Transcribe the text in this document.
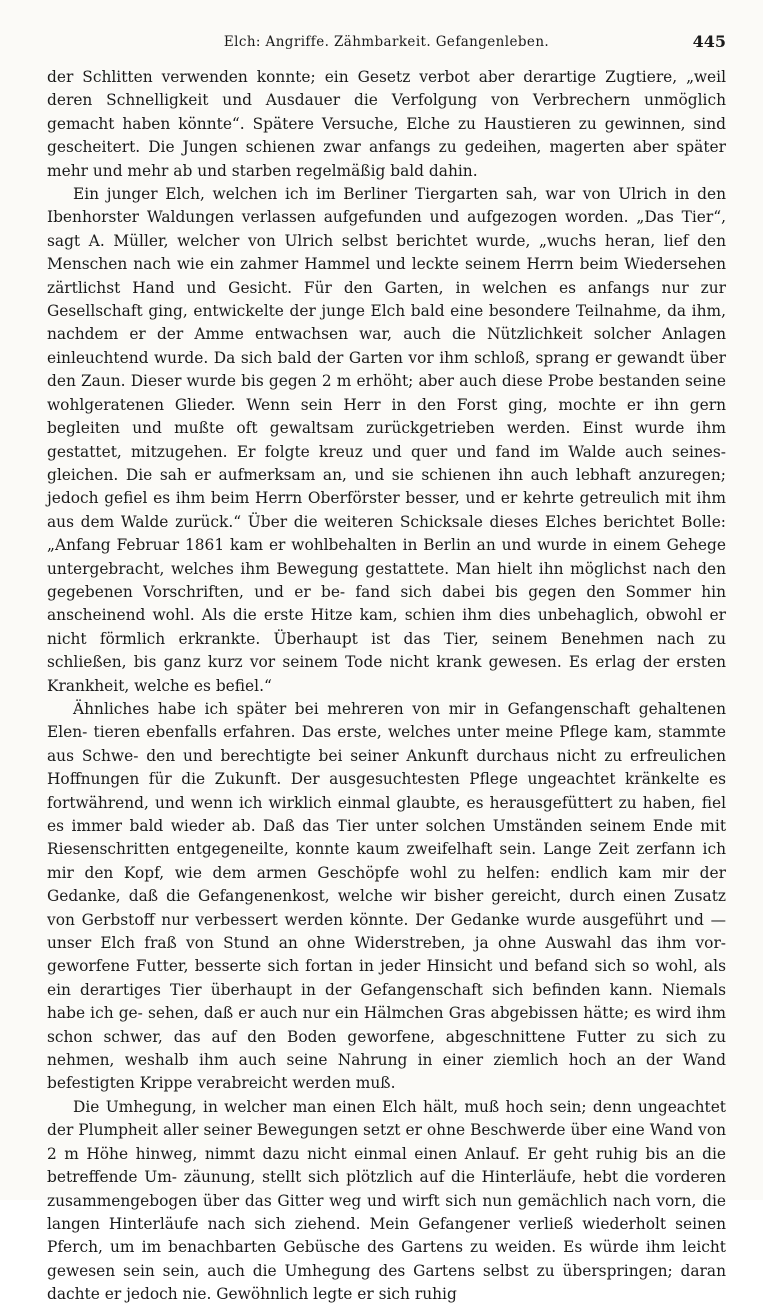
Elch: Angriffe. Zähmbarkeit. Gefangenleben.	445

der Schlitten verwenden konnte; ein Gesetz verbot aber derartige Zugtiere, „weil deren Schnelligkeit und Ausdauer die Verfolgung von Verbrechern unmöglich gemacht haben könnte“. Spätere Versuche, Elche zu Haustieren zu gewinnen, sind gescheitert. Die Jungen schienen zwar anfangs zu gedeihen, magerten aber später mehr und mehr ab und starben regelmäßig bald dahin.

Ein junger Elch, welchen ich im Berliner Tiergarten sah, war von Ulrich in den Ibenhorster Waldungen verlassen aufgefunden und aufgezogen worden. „Das Tier“, sagt A. Müller, welcher von Ulrich selbst berichtet wurde, „wuchs heran, lief den Menschen nach wie ein zahmer Hammel und leckte seinem Herrn beim Wiedersehen zärtlichst Hand und Gesicht. Für den Garten, in welchen es anfangs nur zur Gesellschaft ging, entwickelte der junge Elch bald eine besondere Teilnahme, da ihm, nachdem er der Amme entwachsen war, auch die Nützlichkeit solcher Anlagen einleuchtend wurde. Da sich bald der Garten vor ihm schloß, sprang er gewandt über den Zaun. Dieser wurde bis gegen 2 m erhöht; aber auch diese Probe bestanden seine wohlgeratenen Glieder. Wenn sein Herr in den Forst ging, mochte er ihn gern begleiten und mußte oft gewaltsam zurückgetrieben werden. Einst wurde ihm gestattet, mitzugehen. Er folgte kreuz und quer und fand im Walde auch seines- gleichen. Die sah er aufmerksam an, und sie schienen ihn auch lebhaft anzuregen; jedoch gefiel es ihm beim Herrn Oberförster besser, und er kehrte getreulich mit ihm aus dem Walde zurück.“ Über die weiteren Schicksale dieses Elches berichtet Bolle: „Anfang Februar 1861 kam er wohlbehalten in Berlin an und wurde in einem Gehege untergebracht, welches ihm Bewegung gestattete. Man hielt ihn möglichst nach den gegebenen Vorschriften, und er be- fand sich dabei bis gegen den Sommer hin anscheinend wohl. Als die erste Hitze kam, schien ihm dies unbehaglich, obwohl er nicht förmlich erkrankte. Überhaupt ist das Tier, seinem Benehmen nach zu schließen, bis ganz kurz vor seinem Tode nicht krank gewesen. Es erlag der ersten Krankheit, welche es befiel.“

Ähnliches habe ich später bei mehreren von mir in Gefangenschaft gehaltenen Elen- tieren ebenfalls erfahren. Das erste, welches unter meine Pflege kam, stammte aus Schwe- den und berechtigte bei seiner Ankunft durchaus nicht zu erfreulichen Hoffnungen für die Zukunft. Der ausgesuchtesten Pflege ungeachtet kränkelte es fortwährend, und wenn ich wirklich einmal glaubte, es herausgefüttert zu haben, fiel es immer bald wieder ab. Daß das Tier unter solchen Umständen seinem Ende mit Riesenschritten entgegeneilte, konnte kaum zweifelhaft sein. Lange Zeit zerfann ich mir den Kopf, wie dem armen Geschöpfe wohl zu helfen: endlich kam mir der Gedanke, daß die Gefangenenkost, welche wir bisher gereicht, durch einen Zusatz von Gerbstoff nur verbessert werden könnte. Der Gedanke wurde ausgeführt und — unser Elch fraß von Stund an ohne Widerstreben, ja ohne Auswahl das ihm vor- geworfene Futter, besserte sich fortan in jeder Hinsicht und befand sich so wohl, als ein derartiges Tier überhaupt in der Gefangenschaft sich befinden kann. Niemals habe ich ge- sehen, daß er auch nur ein Hälmchen Gras abgebissen hätte; es wird ihm schon schwer, das auf den Boden geworfene, abgeschnittene Futter zu sich zu nehmen, weshalb ihm auch seine Nahrung in einer ziemlich hoch an der Wand befestigten Krippe verabreicht werden muß.

Die Umhegung, in welcher man einen Elch hält, muß hoch sein; denn ungeachtet der Plumpheit aller seiner Bewegungen setzt er ohne Beschwerde über eine Wand von 2 m Höhe hinweg, nimmt dazu nicht einmal einen Anlauf. Er geht ruhig bis an die betreffende Um- zäunung, stellt sich plötzlich auf die Hinterläufe, hebt die vorderen zusammengebogen über das Gitter weg und wirft sich nun gemächlich nach vorn, die langen Hinterläufe nach sich ziehend. Mein Gefangener verließ wiederholt seinen Pferch, um im benachbarten Gebüsche des Gartens zu weiden. Es würde ihm leicht gewesen sein sein, auch die Umhegung des Gartens selbst zu überspringen; daran dachte er jedoch nie. Gewöhnlich legte er sich ruhig
